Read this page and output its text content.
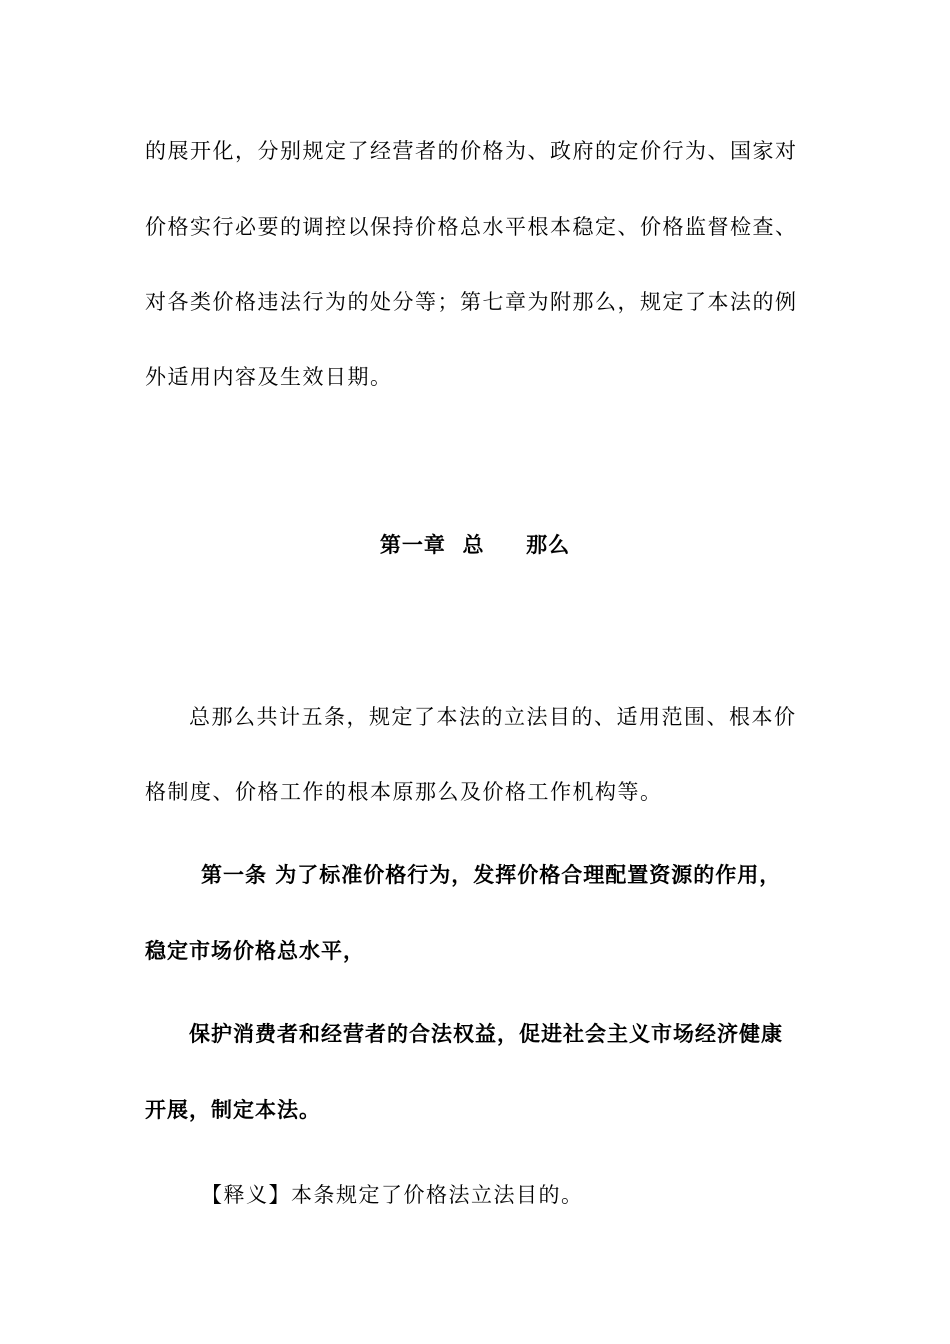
的展开化，分别规定了经营者的价格为、政府的定价行为、国家对
价格实行必要的调控以保持价格总水平根本稳定、价格监督检查、
对各类价格违法行为的处分等；第七章为附那么，规定了本法的例
外适用内容及生效日期。
第一章  总     那么
总那么共计五条，规定了本法的立法目的、适用范围、根本价
格制度、价格工作的根本原那么及价格工作机构等。
第一条 为了标准价格行为，发挥价格合理配置资源的作用，
稳定市场价格总水平，
保护消费者和经营者的合法权益，促进社会主义市场经济健康
开展，制定本法。
【释义】本条规定了价格法立法目的。
